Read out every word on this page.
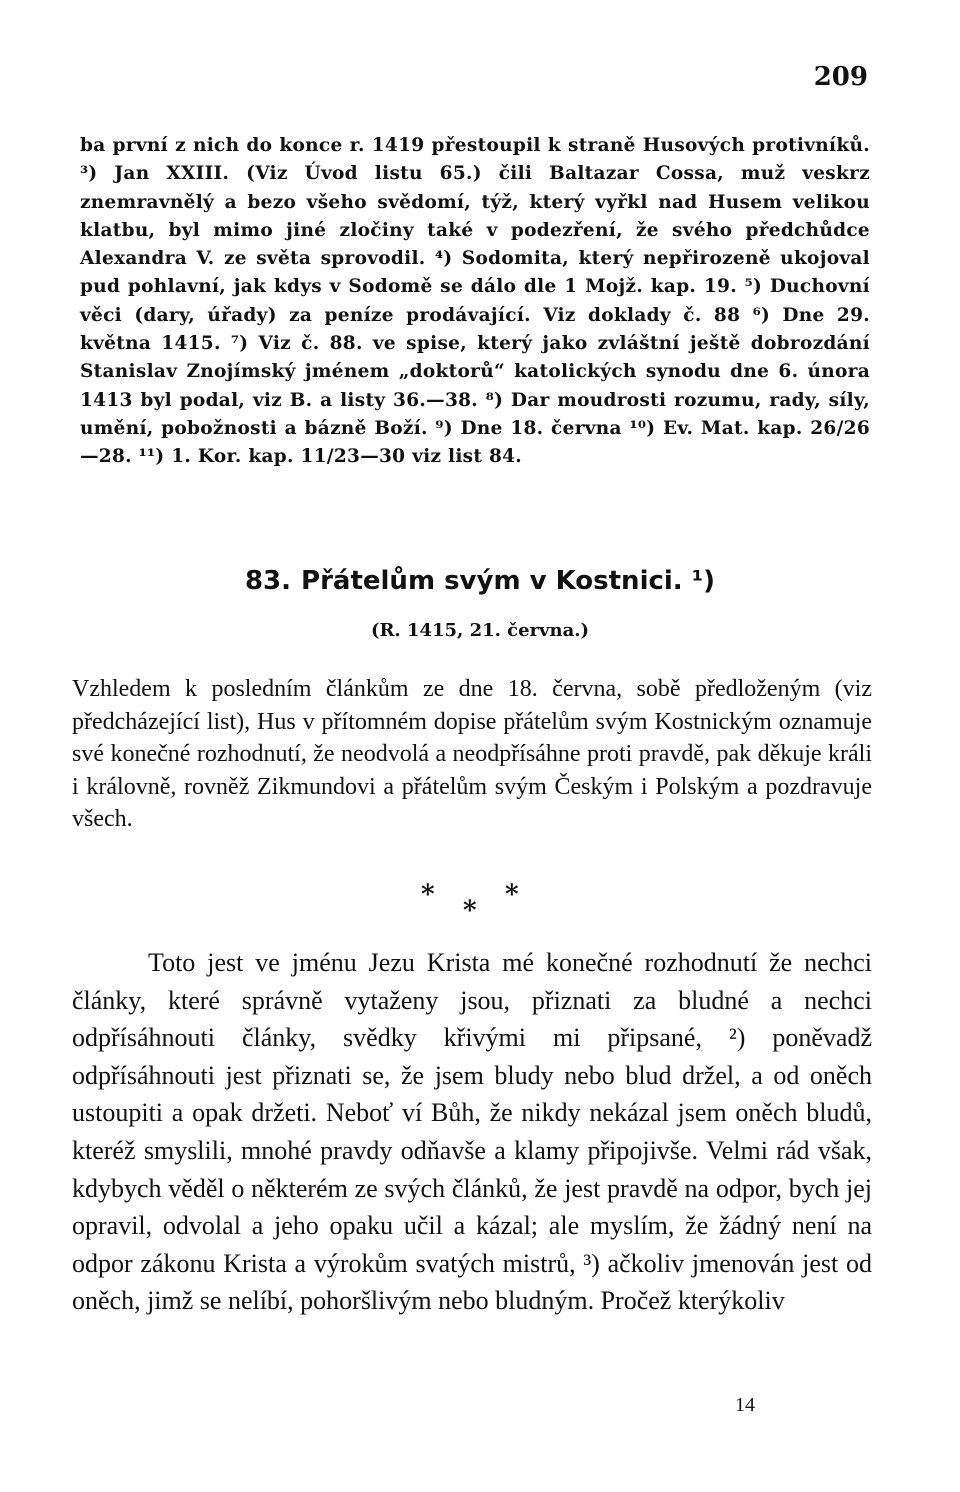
209

ba první z nich do konce r. 1419 přestoupil k straně Husových protivníků. ³) Jan XXIII. (Viz Úvod listu 65.) čili Baltazar Cossa, muž veskrz znemravnělý a bezo všeho svědomí, týž, který vyřkl nad Husem velikou klatbu, byl mimo jiné zločiny také v podezření, že svého předchůdce Alexandra V. ze světa sprovodil. ⁴) Sodomita, který nepřirozeně ukojoval pud pohlavní, jak kdys v Sodomě se dálo dle 1 Mojž. kap. 19. ⁵) Duchovní věci (dary, úřady) za peníze prodávající. Viz doklady č. 88 ⁶) Dne 29. května 1415. ⁷) Viz č. 88. ve spise, který jako zvláštní ještě dobrozdání Stanislav Znojímský jménem „doktorů“ katolických synodu dne 6. února 1413 byl podal, viz B. a listy 36.—38. ⁸) Dar moudrosti rozumu, rady, síly, umění, pobožnosti a bázně Boží. ⁹) Dne 18. června ¹⁰) Ev. Mat. kap. 26/26—28. ¹¹) 1. Kor. kap. 11/23—30 viz list 84.

83. Přátelům svým v Kostnici. ¹)
(R. 1415, 21. června.)

Vzhledem k posledním článkům ze dne 18. června, sobě předloženým (viz předcházející list), Hus v přítomném dopise přátelům svým Kostnickým oznamuje své konečné rozhodnutí, že neodvolá a neodpřísáhne proti pravdě, pak děkuje králi i královně, rovněž Zikmundovi a přátelům svým Českým i Polským a pozdravuje všech.

*
*
*

Toto jest ve jménu Jezu Krista mé konečné rozhodnutí že nechci články, které správně vytaženy jsou, přiznati za bludné a nechci odpřísáhnouti články, svědky křivými mi připsané, ²) poněvadž odpřísáhnouti jest přiznati se, že jsem bludy nebo blud držel, a od oněch ustoupiti a opak držeti. Neboť ví Bůh, že nikdy nekázal jsem oněch bludů, kteréž smyslili, mnohé pravdy odňavše a klamy připojivše. Velmi rád však, kdybych věděl o některém ze svých článků, že jest pravdě na odpor, bych jej opravil, odvolal a jeho opaku učil a kázal; ale myslím, že žádný není na odpor zákonu Krista a výrokům svatých mistrů, ³) ačkoliv jmenován jest od oněch, jimž se nelíbí, pohoršlivým nebo bludným. Pročež kterýkoliv

14
